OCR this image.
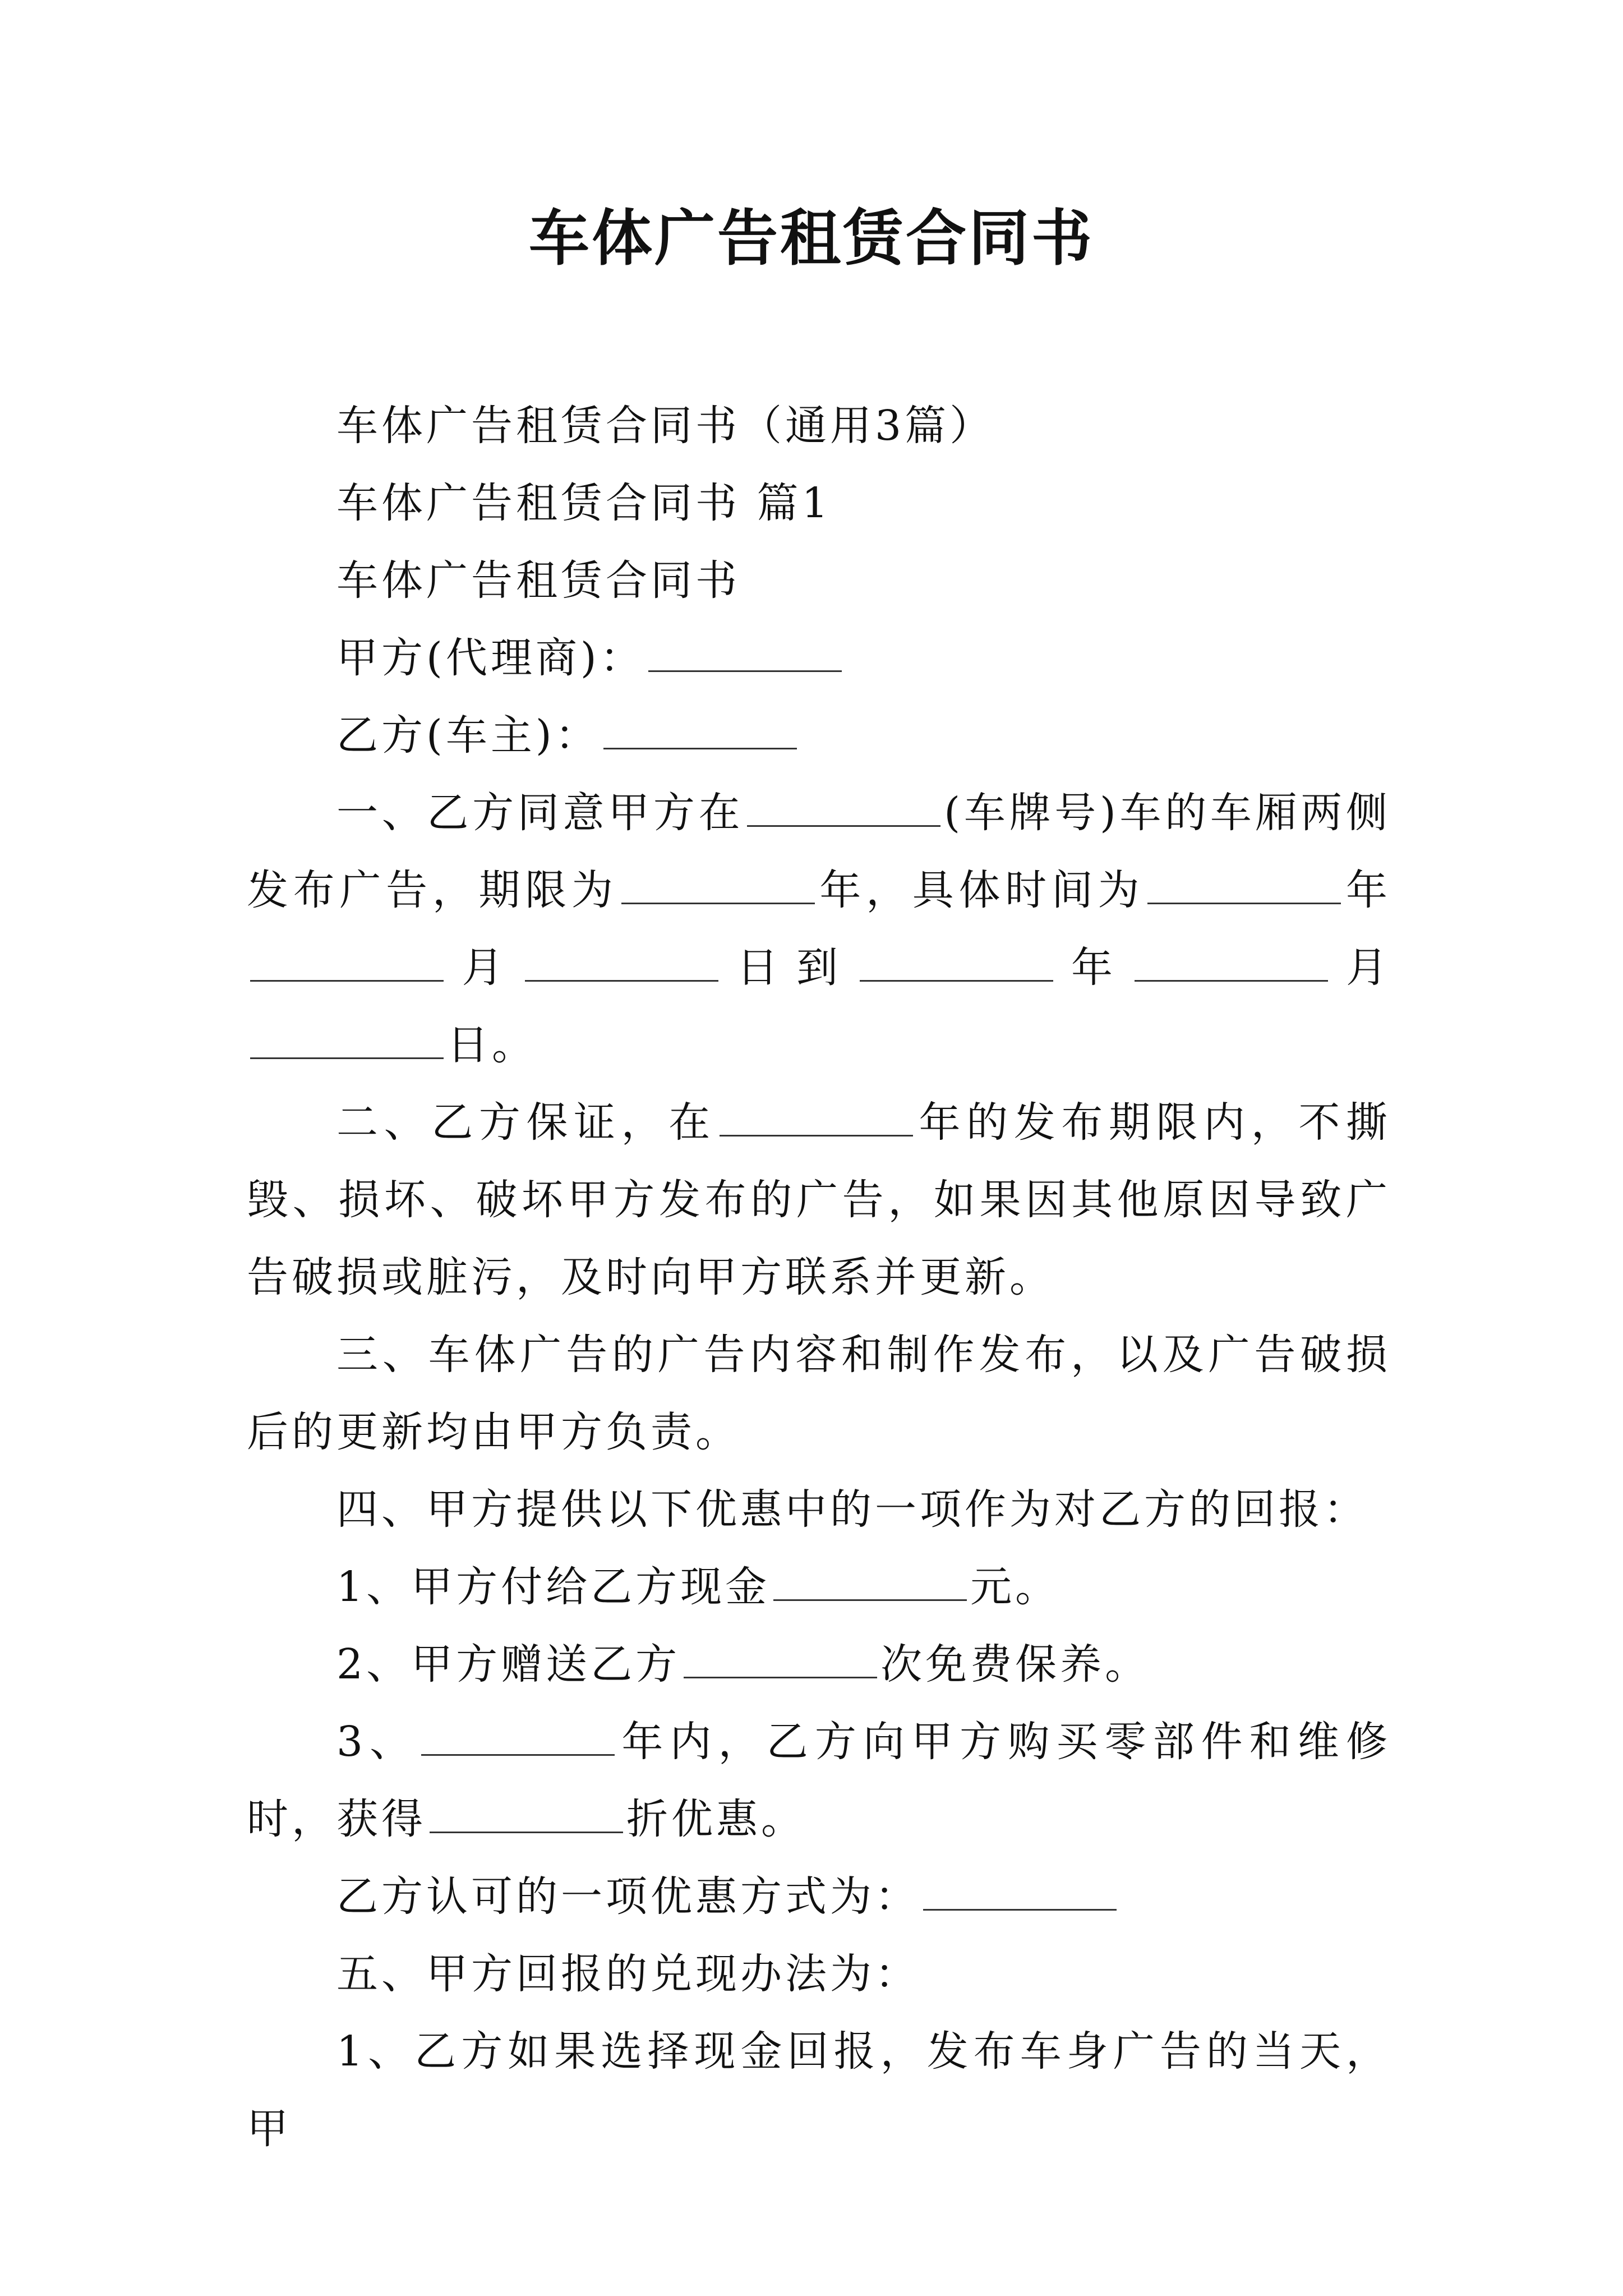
车体广告租赁合同书

车体广告租赁合同书（通用3篇）

车体广告租赁合同书 篇1

车体广告租赁合同书

甲方(代理商)：

乙方(车主)：

一、乙方同意甲方在	(车牌号)车的车厢两侧发布广告，期限为	年，具体时间为	年月	日到	年	月日。

二、乙方保证，在	年的发布期限内，不撕毁、损坏、破坏甲方发布的广告，如果因其他原因导致广告破损或脏污，及时向甲方联系并更新。

三、车体广告的广告内容和制作发布，以及广告破损后的更新均由甲方负责。

四、甲方提供以下优惠中的一项作为对乙方的回报：

1、甲方付给乙方现金	元。

2、甲方赠送乙方	次免费保养。

3、	年内，乙方向甲方购买零部件和维修时，获得	折优惠。

乙方认可的一项优惠方式为：

五、甲方回报的兑现办法为：

1、乙方如果选择现金回报，发布车身广告的当天，甲
